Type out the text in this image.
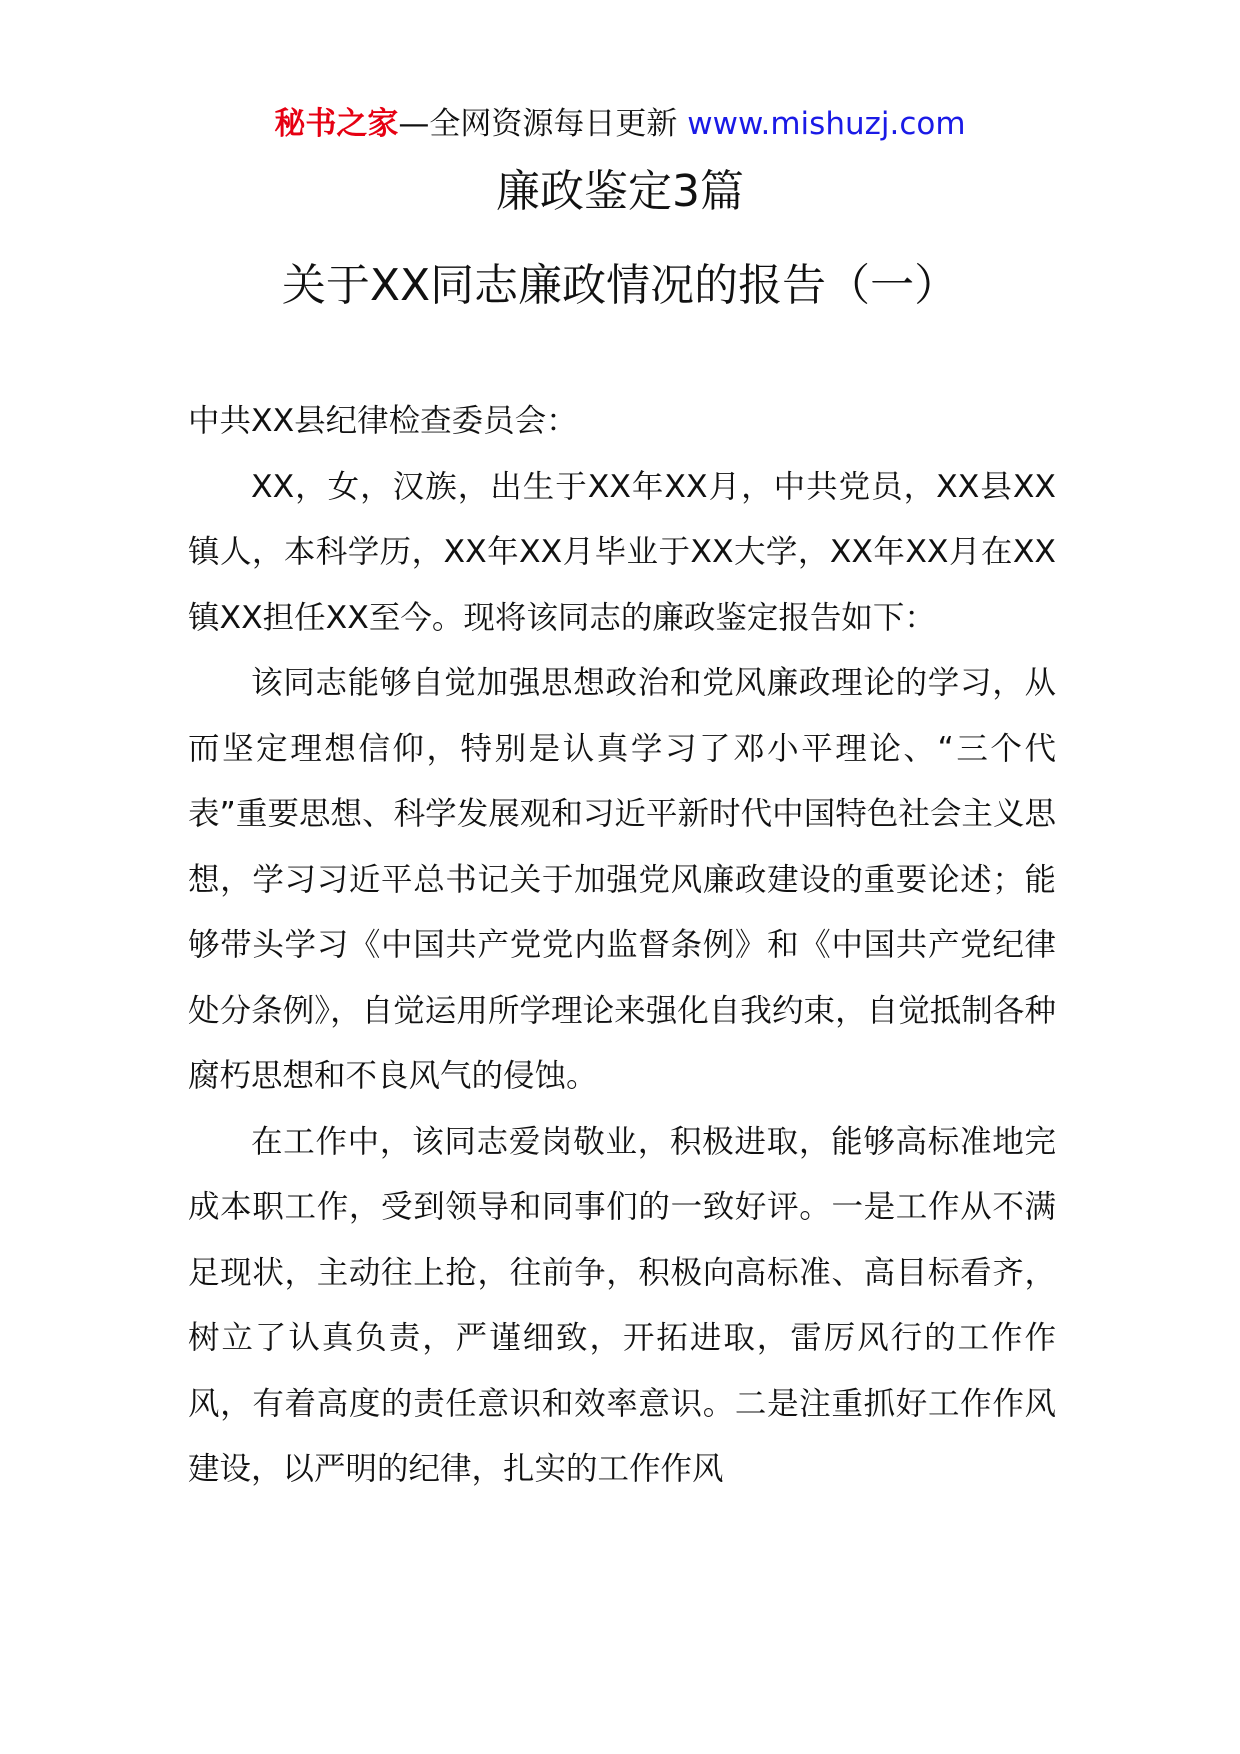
秘书之家—全网资源每日更新 www.mishuzj.com
廉政鉴定3篇
关于XX同志廉政情况的报告（一）

中共XX县纪律检查委员会：

XX，女，汉族，出生于XX年XX月，中共党员，XX县XX镇人，本科学历，XX年XX月毕业于XX大学，XX年XX月在XX镇XX担任XX至今。现将该同志的廉政鉴定报告如下：

该同志能够自觉加强思想政治和党风廉政理论的学习，从而坚定理想信仰，特别是认真学习了邓小平理论、“三个代表”重要思想、科学发展观和习近平新时代中国特色社会主义思想，学习习近平总书记关于加强党风廉政建设的重要论述；能够带头学习《中国共产党党内监督条例》和《中国共产党纪律处分条例》，自觉运用所学理论来强化自我约束，自觉抵制各种腐朽思想和不良风气的侵蚀。

在工作中，该同志爱岗敬业，积极进取，能够高标准地完成本职工作，受到领导和同事们的一致好评。一是工作从不满足现状，主动往上抢，往前争，积极向高标准、高目标看齐，树立了认真负责，严谨细致，开拓进取，雷厉风行的工作作风，有着高度的责任意识和效率意识。二是注重抓好工作作风建设，以严明的纪律，扎实的工作作风
